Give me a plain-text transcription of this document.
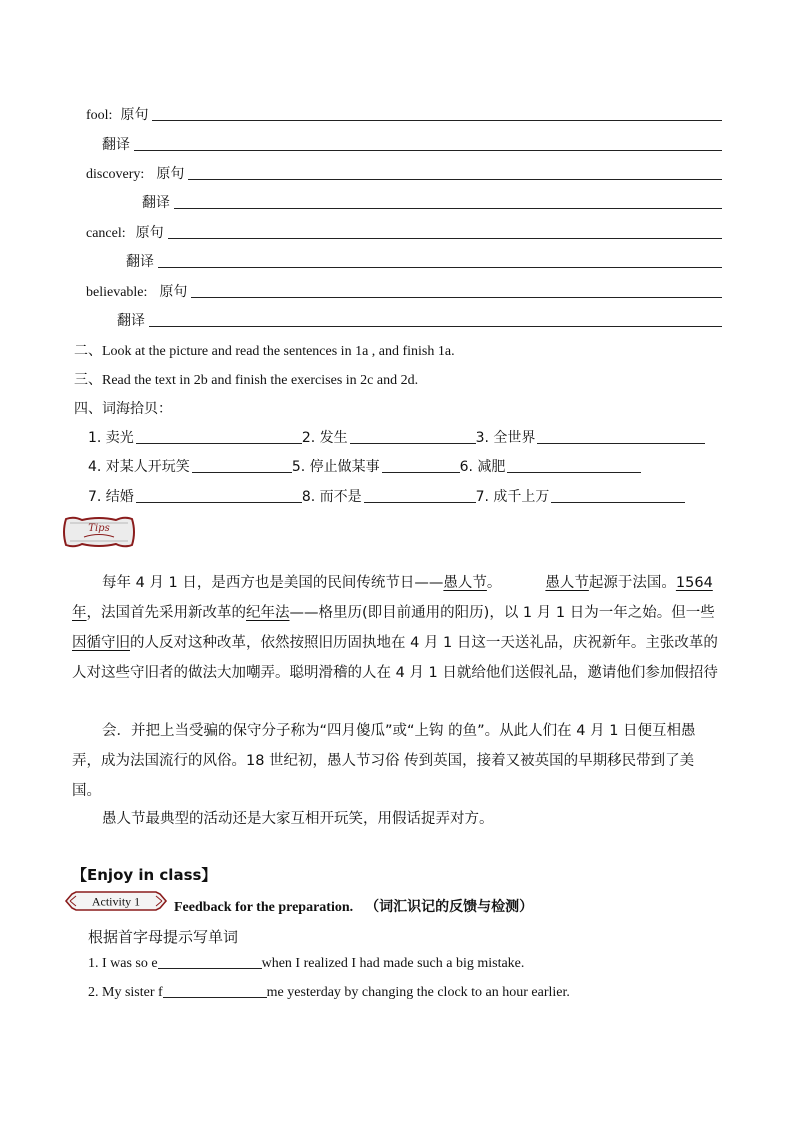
fool: 原句
翻译
discovery: 原句
翻译
cancel: 原句
翻译
believable: 原句
翻译
二、Look at the picture and read the sentences in 1a , and finish 1a.
三、Read the text in 2b and finish the exercises in 2c and 2d.
四、词海拾贝：
1. 卖光	2. 发生	3. 全世界
4. 对某人开玩笑	5. 停止做某事	6. 减肥
7. 结婚	8. 而不是	7. 成千上万
Tips
每年 4 月 1 日，是西方也是美国的民间传统节日——愚人节。	愚人节起源于法国。1564 年，法国首先采用新改革的纪年法——格里历(即目前通用的阳历)，以 1 月 1 日为一年之始。但一些因循守旧的人反对这种改革，依然按照旧历固执地在 4 月 1 日这一天送礼品，庆祝新年。主张改革的人对这些守旧者的做法大加嘲弄。聪明滑稽的人在 4 月 1 日就给他们送假礼品，邀请他们参加假招待
会．并把上当受骗的保守分子称为“四月傻瓜”或“上钩 的鱼”。从此人们在 4 月 1 日便互相愚弄，成为法国流行的风俗。18 世纪初，愚人节习俗 传到英国，接着又被英国的早期移民带到了美国。
愚人节最典型的活动还是大家互相开玩笑，用假话捉弄对方。
【Enjoy in class】
Activity 1 Feedback for the preparation. （词汇识记的反馈与检测）
根据首字母提示写单词
1. I was so e	when I realized I had made such a big mistake.
2. My sister f	me yesterday by changing the clock to an hour earlier.
